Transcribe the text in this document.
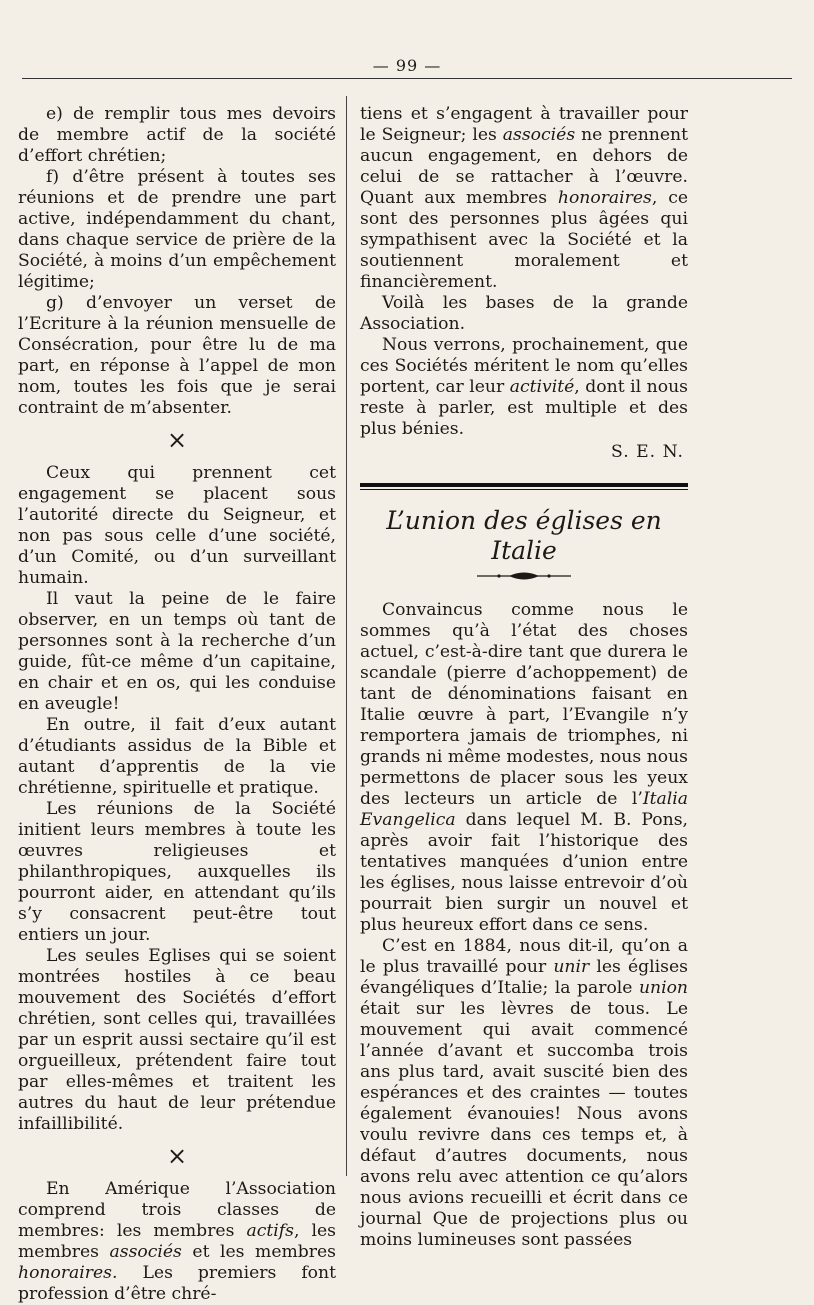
— 99 —

e) de remplir tous mes devoirs de membre actif de la société d’effort chrétien;

f) d’être présent à toutes ses réunions et de prendre une part active, indépendamment du chant, dans chaque service de prière de la Société, à moins d’un empêchement légitime;

g) d’envoyer un verset de l’Ecriture à la réunion mensuelle de Consécration, pour être lu de ma part, en réponse à l’appel de mon nom, toutes les fois que je serai contraint de m’absenter.

×

Ceux qui prennent cet engagement se placent sous l’autorité directe du Seigneur, et non pas sous celle d’une société, d’un Comité, ou d’un surveillant humain.

Il vaut la peine de le faire observer, en un temps où tant de personnes sont à la recherche d’un guide, fût-ce même d’un capitaine, en chair et en os, qui les conduise en aveugle!

En outre, il fait d’eux autant d’étudiants assidus de la Bible et autant d’apprentis de la vie chrétienne, spirituelle et pratique.

Les réunions de la Société initient leurs membres à toute les œuvres religieuses et philanthropiques, auxquelles ils pourront aider, en attendant qu’ils s’y consacrent peut-être tout entiers un jour.

Les seules Eglises qui se soient montrées hostiles à ce beau mouvement des Sociétés d’effort chrétien, sont celles qui, travaillées par un esprit aussi sectaire qu’il est orgueilleux, prétendent faire tout par elles-mêmes et traitent les autres du haut de leur prétendue infaillibilité.

×

En Amérique l’Association comprend trois classes de membres: les membres actifs, les membres associés et les membres honoraires. Les premiers font profession d’être chré-

tiens et s’engagent à travailler pour le Seigneur; les associés ne prennent aucun engagement, en dehors de celui de se rattacher à l’œuvre. Quant aux membres honoraires, ce sont des personnes plus âgées qui sympathisent avec la Société et la soutiennent moralement et financièrement.

Voilà les bases de la grande Association.

Nous verrons, prochainement, que ces Sociétés méritent le nom qu’elles portent, car leur activité, dont il nous reste à parler, est multiple et des plus bénies.

S. E. N.
L’union des églises en Italie

Convaincus comme nous le sommes qu’à l’état des choses actuel, c’est-à-dire tant que durera le scandale (pierre d’achoppement) de tant de dénominations faisant en Italie œuvre à part, l’Evangile n’y remportera jamais de triomphes, ni grands ni même modestes, nous nous permettons de placer sous les yeux des lecteurs un article de l’Italia Evangelica dans lequel M. B. Pons, après avoir fait l’historique des tentatives manquées d’union entre les églises, nous laisse entrevoir d’où pourrait bien surgir un nouvel et plus heureux effort dans ce sens.

C’est en 1884, nous dit-il, qu’on a le plus travaillé pour unir les églises évangéliques d’Italie; la parole union était sur les lèvres de tous. Le mouvement qui avait commencé l’année d’avant et succomba trois ans plus tard, avait suscité bien des espérances et des craintes — toutes également évanouies! Nous avons voulu revivre dans ces temps et, à défaut d’autres documents, nous avons relu avec attention ce qu’alors nous avions recueilli et écrit dans ce journal Que de projections plus ou moins lumineuses sont passées
